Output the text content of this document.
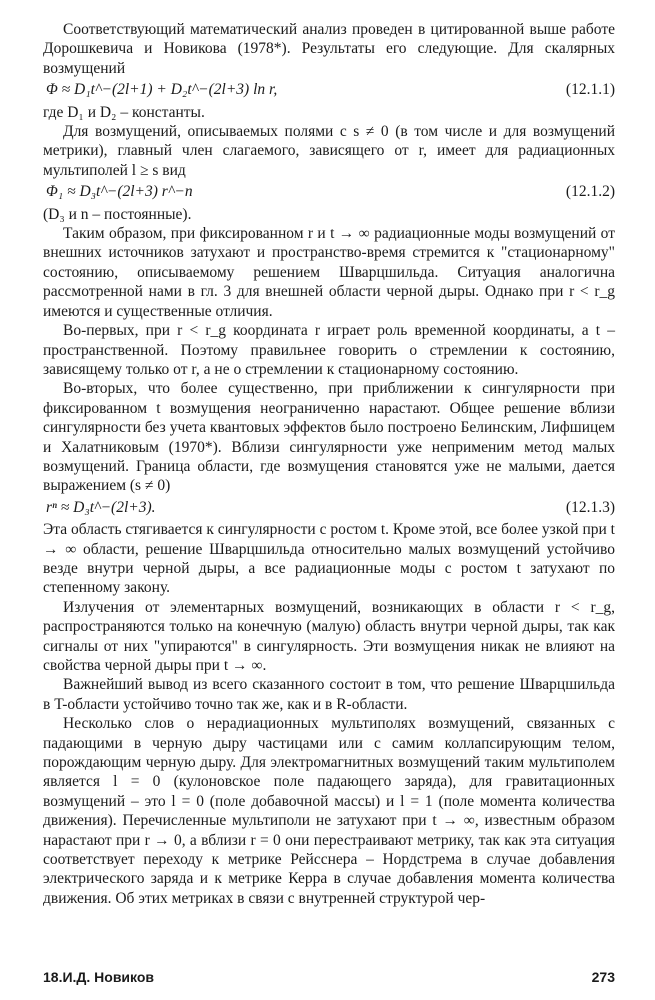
Соответствующий математический анализ проведен в цитированной выше работе Дорошкевича и Новикова (1978*). Результаты его следующие. Для скалярных возмущений

Φ ≈ D₁t^−(2l+1) + D₂t^−(2l+3) ln r,	(12.1.1)

где D₁ и D₂ – константы.

Для возмущений, описываемых полями с s ≠ 0 (в том числе и для возмущений метрики), главный член слагаемого, зависящего от r, имеет для радиационных мультиполей l ≥ s вид

Φ₁ ≈ D₃t^−(2l+3) r^−n	(12.1.2)

(D₃ и n – постоянные).

Таким образом, при фиксированном r и t → ∞ радиационные моды возмущений от внешних источников затухают и пространство-время стремится к "стационарному" состоянию, описываемому решением Шварцшильда. Ситуация аналогична рассмотренной нами в гл. 3 для внешней области черной дыры. Однако при r < r_g имеются и существенные отличия.

Во-первых, при r < r_g координата r играет роль временной координаты, а t – пространственной. Поэтому правильнее говорить о стремлении к состоянию, зависящему только от r, а не о стремлении к стационарному состоянию.

Во-вторых, что более существенно, при приближении к сингулярности при фиксированном t возмущения неограниченно нарастают. Общее решение вблизи сингулярности без учета квантовых эффектов было построено Белинским, Лифшицем и Халатниковым (1970*). Вблизи сингулярности уже неприменим метод малых возмущений. Граница области, где возмущения становятся уже не малыми, дается выражением (s ≠ 0)

rⁿ ≈ D₃t^−(2l+3).	(12.1.3)

Эта область стягивается к сингулярности с ростом t. Кроме этой, все более узкой при t → ∞ области, решение Шварцшильда относительно малых возмущений устойчиво везде внутри черной дыры, а все радиационные моды с ростом t затухают по степенному закону.

Излучения от элементарных возмущений, возникающих в области r < r_g, распространяются только на конечную (малую) область внутри черной дыры, так как сигналы от них "упираются" в сингулярность. Эти возмущения никак не влияют на свойства черной дыры при t → ∞.

Важнейший вывод из всего сказанного состоит в том, что решение Шварцшильда в T-области устойчиво точно так же, как и в R-области.

Несколько слов о нерадиационных мультиполях возмущений, связанных с падающими в черную дыру частицами или с самим коллапсирующим телом, порождающим черную дыру. Для электромагнитных возмущений таким мультиполем является l = 0 (кулоновское поле падающего заряда), для гравитационных возмущений – это l = 0 (поле добавочной массы) и l = 1 (поле момента количества движения). Перечисленные мультиполи не затухают при t → ∞, известным образом нарастают при r → 0, а вблизи r = 0 они перестраивают метрику, так как эта ситуация соответствует переходу к метрике Рейсснера – Нордстрема в случае добавления электрического заряда и к метрике Керра в случае добавления момента количества движения. Об этих метриках в связи с внутренней структурой чер-

18.И.Д. Новиков	273
